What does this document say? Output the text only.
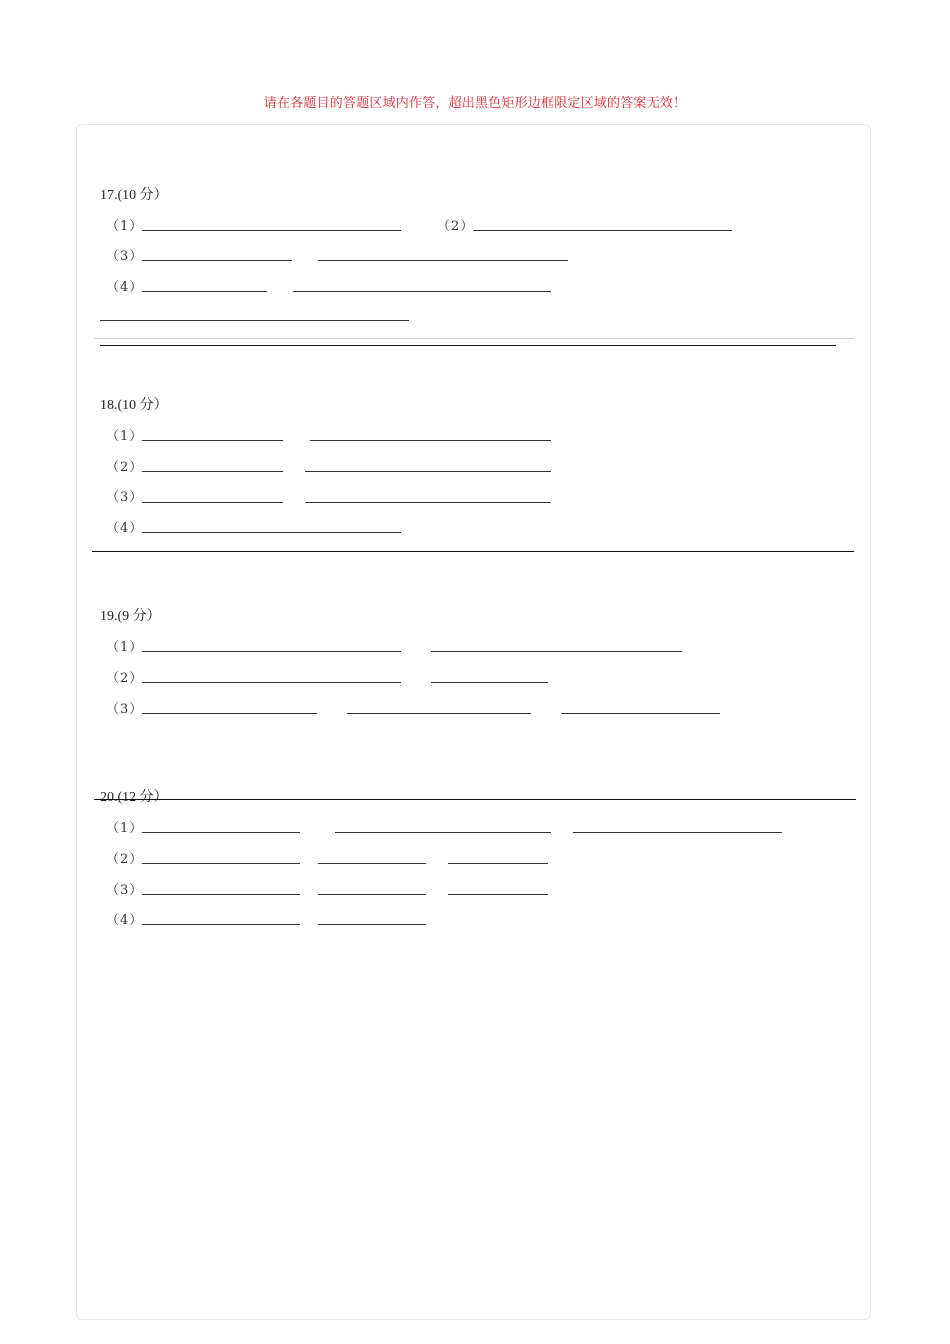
请在各题目的答题区域内作答，超出黑色矩形边框限定区域的答案无效！
17.(10 分）
（1）	（2）
（3）
（4）
18.(10 分）
（1）
（2）
（3）
（4）
19.(9 分）
（1）
（2）
（3）
20.(12 分）
（1）
（2）
（3）
（4）
